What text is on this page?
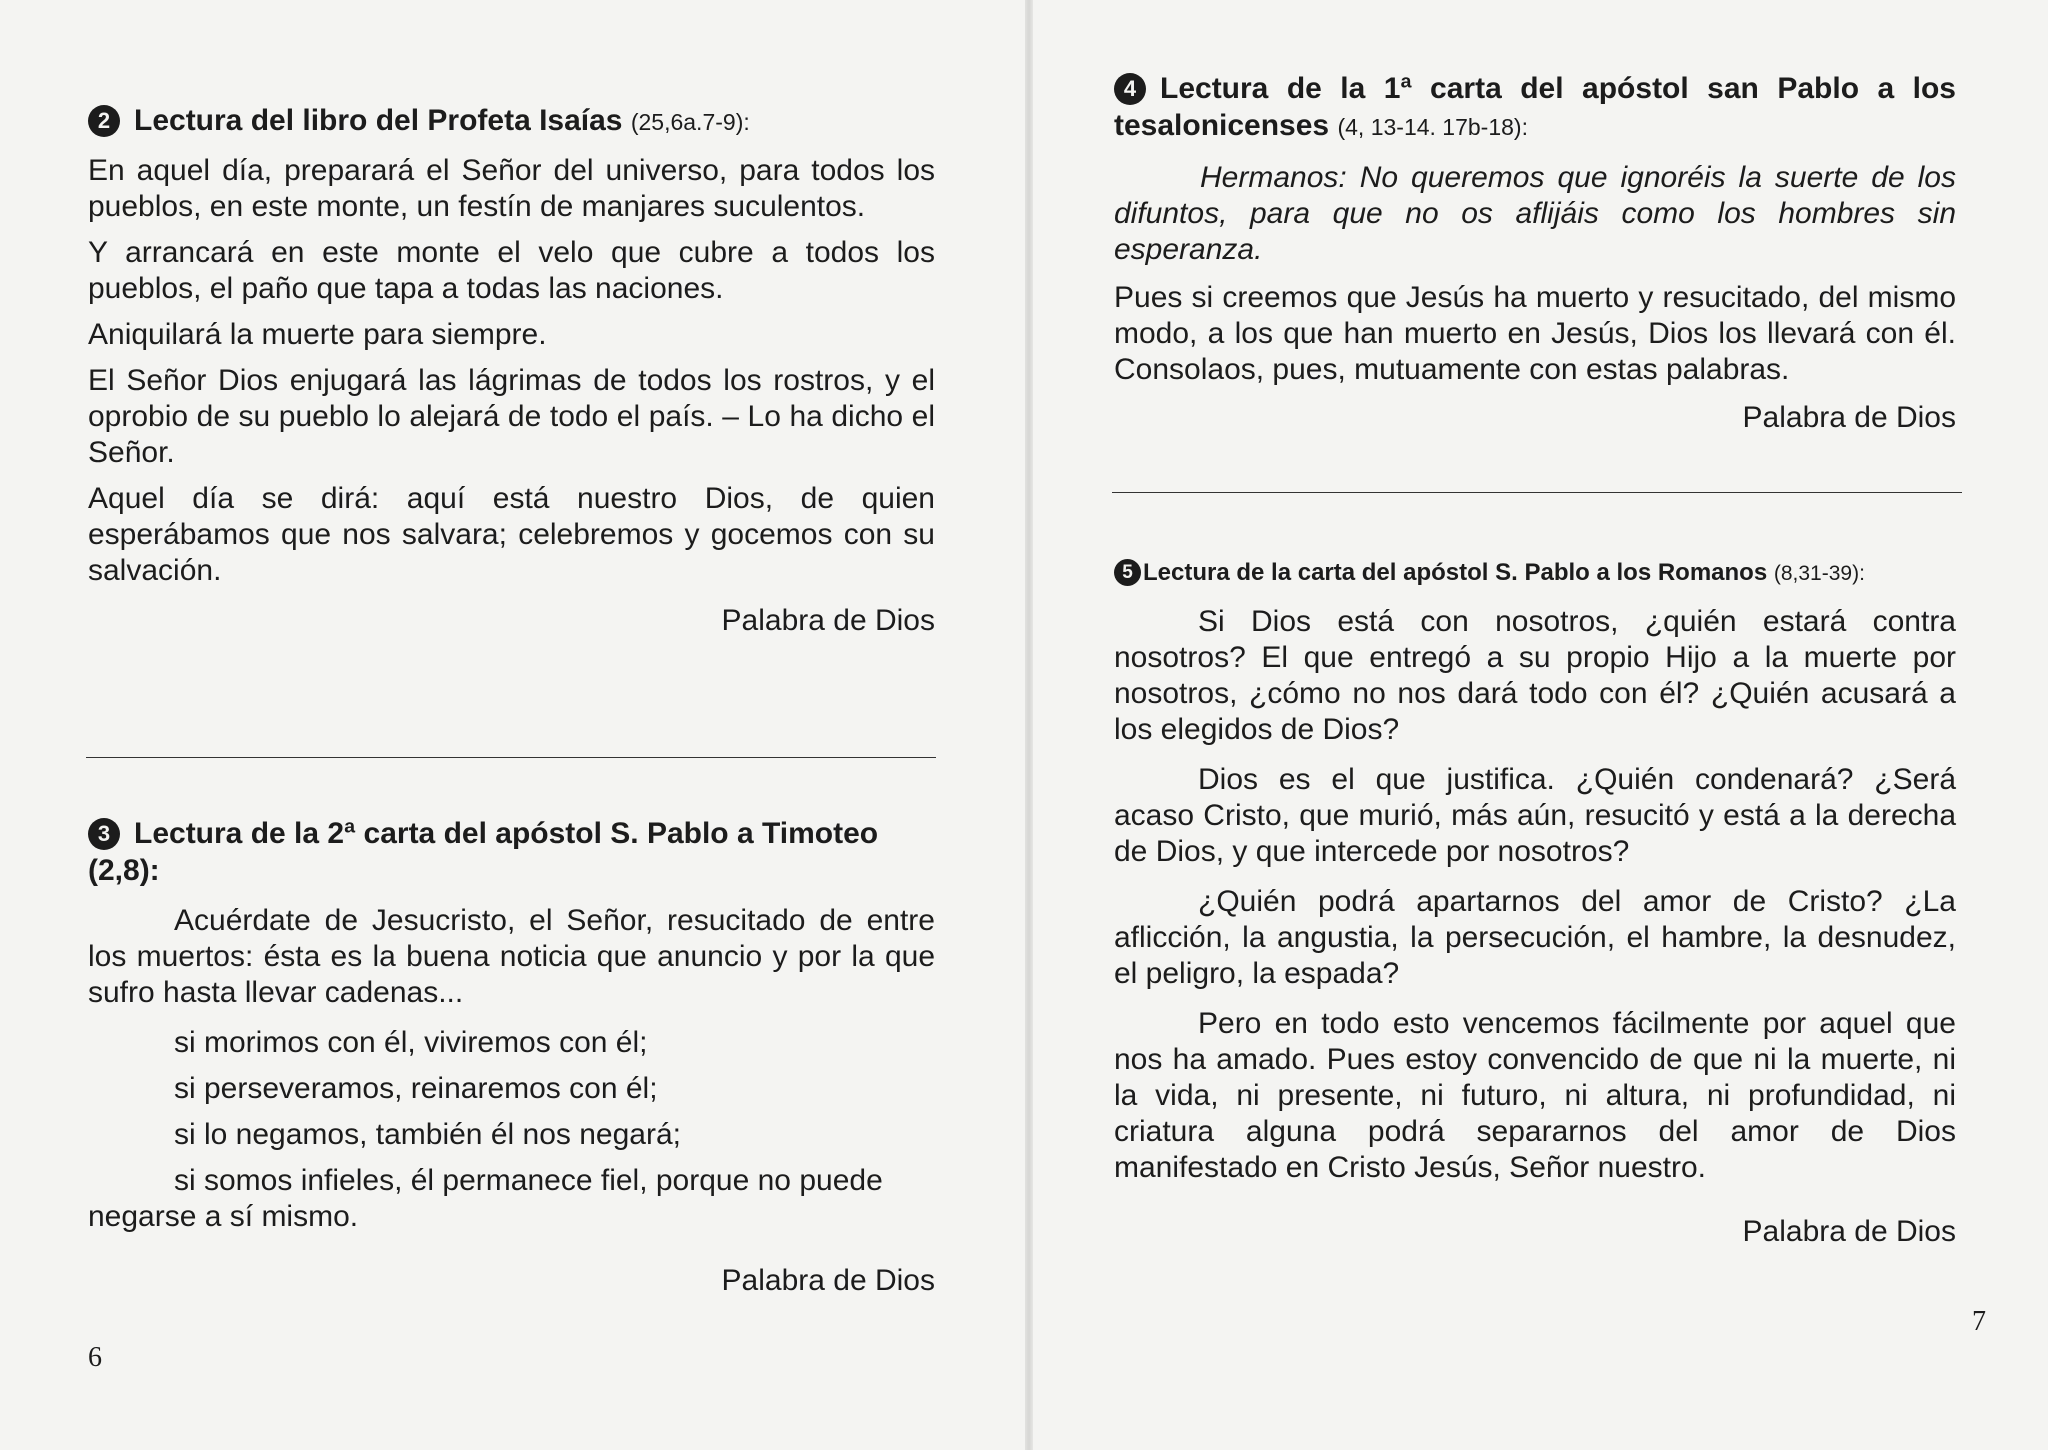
2 Lectura del libro del Profeta Isaías (25,6a.7-9):

En aquel día, preparará el Señor del universo, para todos los pueblos, en este monte, un festín de manjares suculentos.

Y arrancará en este monte el velo que cubre a todos los pueblos, el paño que tapa a todas las naciones.

Aniquilará la muerte para siempre.

El Señor Dios enjugará las lágrimas de todos los rostros, y el oprobio de su pueblo lo alejará de todo el país. – Lo ha dicho el Señor.

Aquel día se dirá: aquí está nuestro Dios, de quien esperábamos que nos salvara; celebremos y gocemos con su salvación.

Palabra de Dios

3 Lectura de la 2ª carta del apóstol S. Pablo a Timoteo (2,8):

Acuérdate de Jesucristo, el Señor, resucitado de entre los muertos: ésta es la buena noticia que anuncio y por la que sufro hasta llevar cadenas...

si morimos con él, viviremos con él;

si perseveramos, reinaremos con él;

si lo negamos, también él nos negará;

si somos infieles, él permanece fiel, porque no puede negarse a sí mismo.

Palabra de Dios

6

4 Lectura de la 1ª carta del apóstol san Pablo a los tesalonicenses (4, 13-14. 17b-18):

Hermanos: No queremos que ignoréis la suerte de los difuntos, para que no os aflijáis como los hombres sin esperanza.

Pues si creemos que Jesús ha muerto y resucitado, del mismo modo, a los que han muerto en Jesús, Dios los llevará con él. Consolaos, pues, mutuamente con estas palabras.

Palabra de Dios

5 Lectura de la carta del apóstol S. Pablo a los Romanos (8,31-39):

Si Dios está con nosotros, ¿quién estará contra nosotros? El que entregó a su propio Hijo a la muerte por nosotros, ¿cómo no nos dará todo con él? ¿Quién acusará a los elegidos de Dios?

Dios es el que justifica. ¿Quién condenará? ¿Será acaso Cristo, que murió, más aún, resucitó y está a la derecha de Dios, y que intercede por nosotros?

¿Quién podrá apartarnos del amor de Cristo? ¿La aflicción, la angustia, la persecución, el hambre, la desnudez, el peligro, la espada?

Pero en todo esto vencemos fácilmente por aquel que nos ha amado. Pues estoy convencido de que ni la muerte, ni la vida, ni presente, ni futuro, ni altura, ni profundidad, ni criatura alguna podrá separarnos del amor de Dios manifestado en Cristo Jesús, Señor nuestro.

Palabra de Dios

7
